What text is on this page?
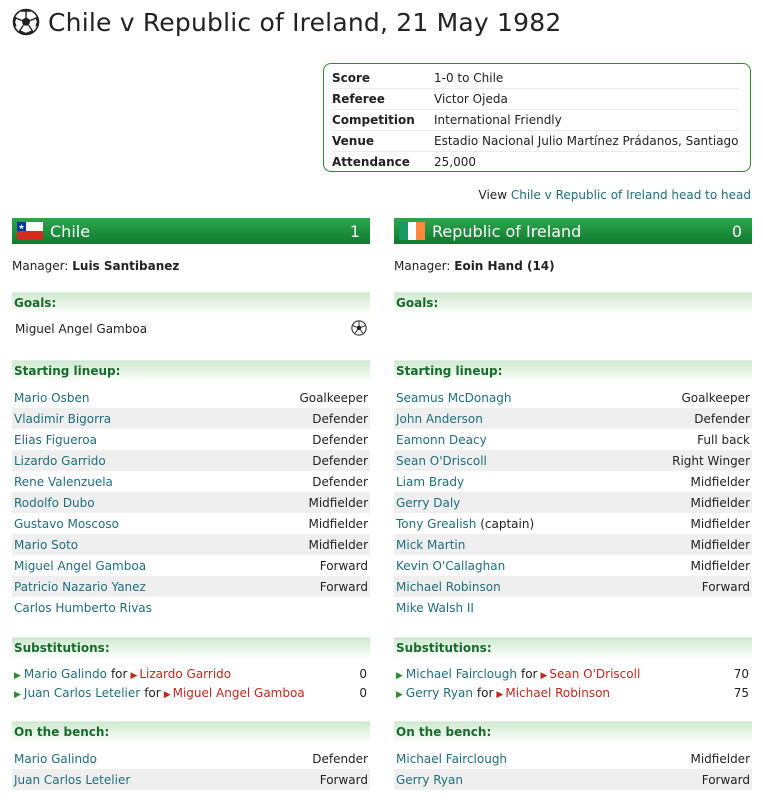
Chile v Republic of Ireland, 21 May 1982
Score	1-0 to Chile
Referee	Victor Ojeda
Competition	International Friendly
Venue	Estadio Nacional Julio Martínez Prádanos, Santiago
Attendance	25,000
View Chile v Republic of Ireland head to head
Chile	1
Manager: Luis Santibanez
Goals:
Miguel Angel Gamboa
Starting lineup:
Mario Osben	Goalkeeper
Vladimir Bigorra	Defender
Elias Figueroa	Defender
Lizardo Garrido	Defender
Rene Valenzuela	Defender
Rodolfo Dubo	Midfielder
Gustavo Moscoso	Midfielder
Mario Soto	Midfielder
Miguel Angel Gamboa	Forward
Patricio Nazario Yanez	Forward
Carlos Humberto Rivas
Substitutions:
▶ Mario Galindo for ▶ Lizardo Garrido	0
▶ Juan Carlos Letelier for ▶ Miguel Angel Gamboa	0
On the bench:
Mario Galindo	Defender
Juan Carlos Letelier	Forward
Republic of Ireland	0
Manager: Eoin Hand (14)
Goals:
Starting lineup:
Seamus McDonagh	Goalkeeper
John Anderson	Defender
Eamonn Deacy	Full back
Sean O'Driscoll	Right Winger
Liam Brady	Midfielder
Gerry Daly	Midfielder
Tony Grealish (captain)	Midfielder
Mick Martin	Midfielder
Kevin O'Callaghan	Midfielder
Michael Robinson	Forward
Mike Walsh II
Substitutions:
▶ Michael Fairclough for ▶ Sean O'Driscoll	70
▶ Gerry Ryan for ▶ Michael Robinson	75
On the bench:
Michael Fairclough	Midfielder
Gerry Ryan	Forward
